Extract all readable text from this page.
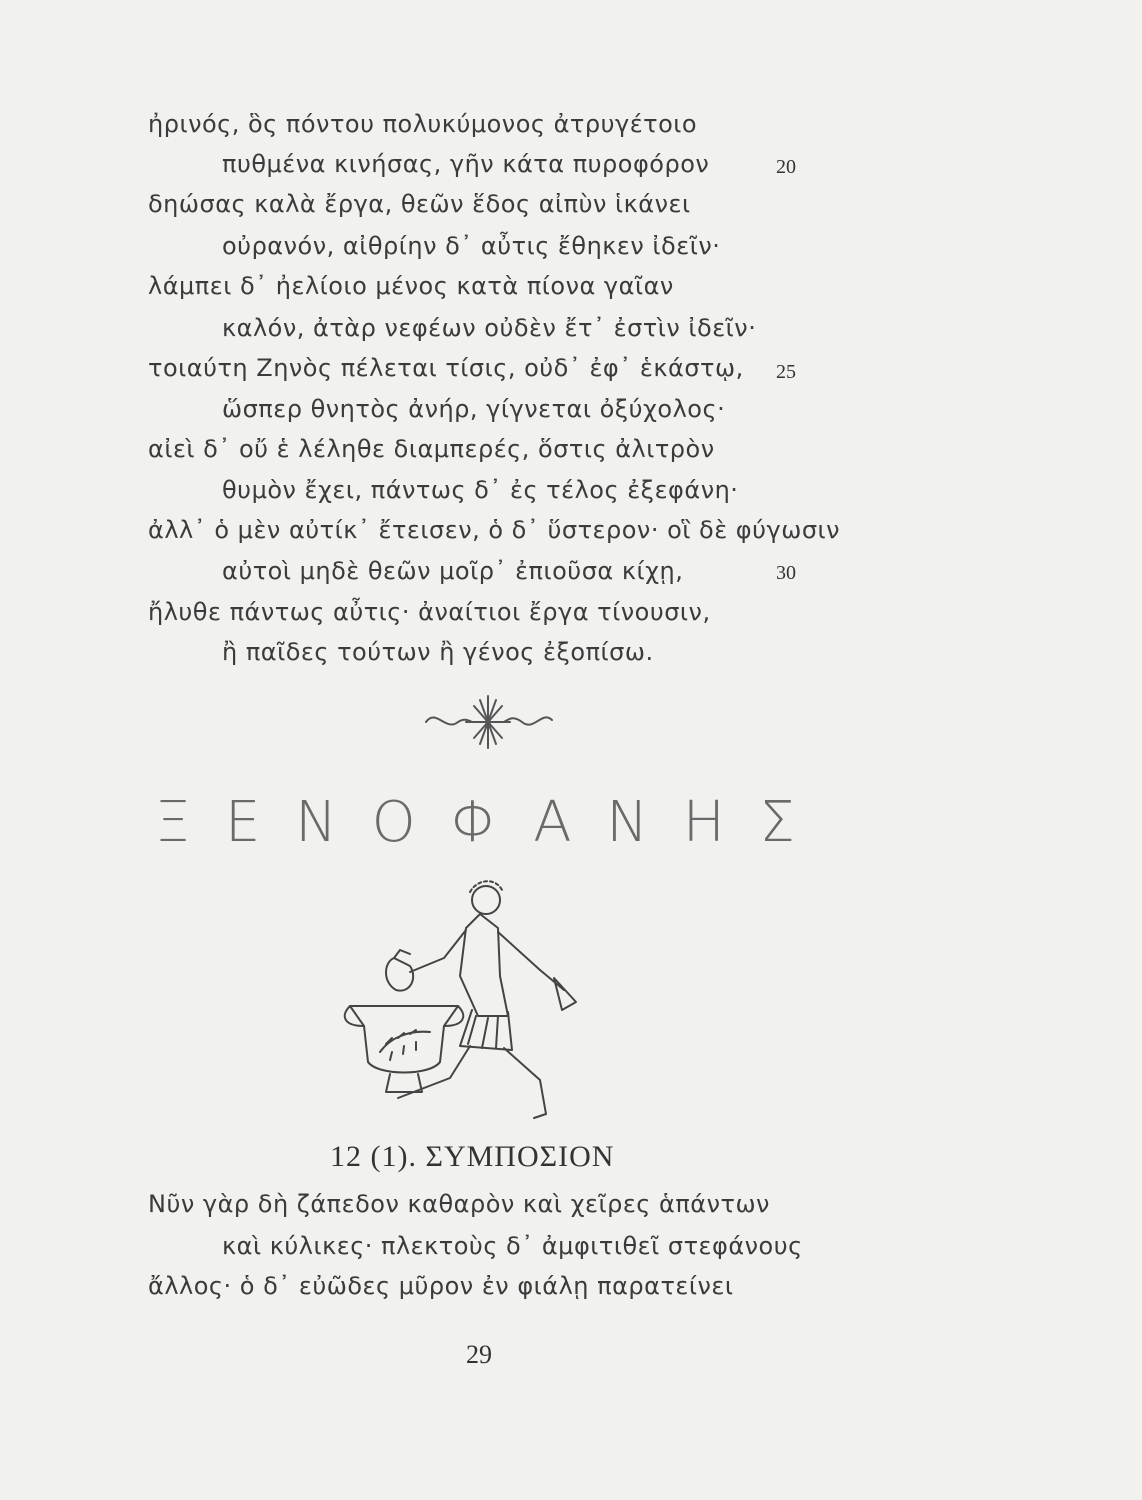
ἠρινός, ὃς πόντου πολυκύμονος ἀτρυγέτοιο
πυθμένα κινήσας, γῆν κάτα πυροφόρον	20
δηώσας καλὰ ἔργα, θεῶν ἕδος αἰπὺν ἱκάνει
οὐρανόν, αἰθρίην δ᾽ αὖτις ἔθηκεν ἰδεῖν·
λάμπει δ᾽ ἠελίοιο μένος κατὰ πίονα γαῖαν
καλόν, ἀτὰρ νεφέων οὐδὲν ἔτ᾽ ἐστὶν ἰδεῖν·
τοιαύτη Ζηνὸς πέλεται τίσις, οὐδ᾽ ἐφ᾽ ἑκάστῳ, 25
ὥσπερ θνητὸς ἀνήρ, γίγνεται ὀξύχολος·
αἰεὶ δ᾽ οὔ ἑ λέληθε διαμπερές, ὅστις ἀλιτρὸν
θυμὸν ἔχει, πάντως δ᾽ ἐς τέλος ἐξεφάνη·
ἀλλ᾽ ὁ μὲν αὐτίκ᾽ ἔτεισεν, ὁ δ᾽ ὕστερον· οἳ δὲ φύγωσιν
αὐτοὶ μηδὲ θεῶν μοῖρ᾽ ἐπιοῦσα κίχῃ,	30
ἤλυθε πάντως αὖτις· ἀναίτιοι ἔργα τίνουσιν,
ἢ παῖδες τούτων ἢ γένος ἐξοπίσω.
Ξ Ε Ν Ο Φ Α Ν Η Σ
12 (1). ΣΥΜΠΟΣΙΟΝ
Νῦν γὰρ δὴ ζάπεδον καθαρὸν καὶ χεῖρες ἁπάντων
καὶ κύλικες· πλεκτοὺς δ᾽ ἀμφιτιθεῖ στεφάνους
ἄλλος· ὁ δ᾽ εὐῶδες μῦρον ἐν φιάλῃ παρατείνει
29
